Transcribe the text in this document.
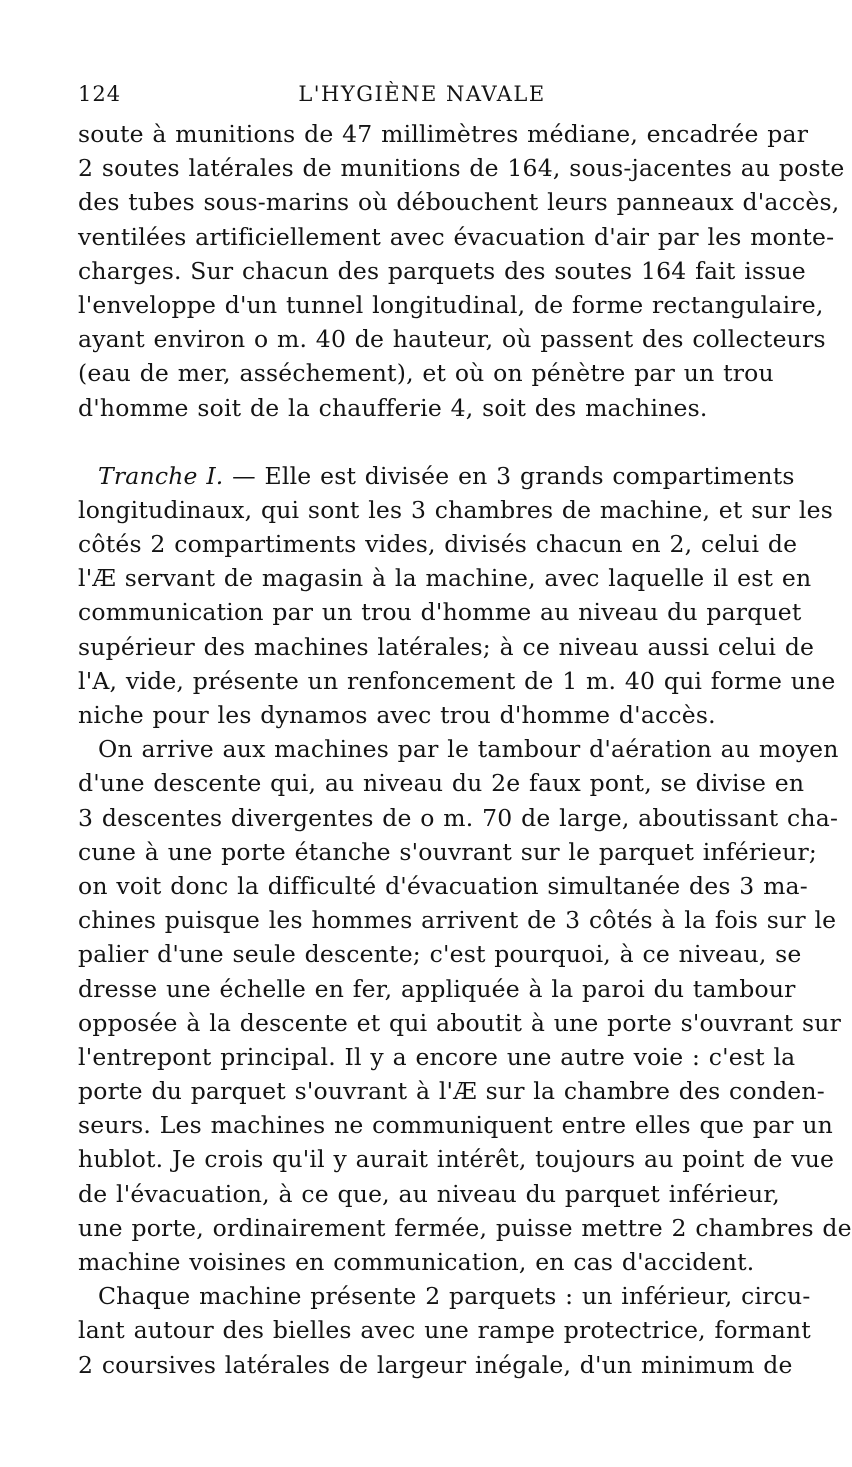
124	L'HYGIÈNE NAVALE
soute à munitions de 47 millimètres médiane, encadrée par
2 soutes latérales de munitions de 164, sous-jacentes au poste
des tubes sous-marins où débouchent leurs panneaux d'accès,
ventilées artificiellement avec évacuation d'air par les monte-
charges. Sur chacun des parquets des soutes 164 fait issue
l'enveloppe d'un tunnel longitudinal, de forme rectangulaire,
ayant environ o m. 40 de hauteur, où passent des collecteurs
(eau de mer, asséchement), et où on pénètre par un trou
d'homme soit de la chaufferie 4, soit des machines.
Tranche I. — Elle est divisée en 3 grands compartiments
longitudinaux, qui sont les 3 chambres de machine, et sur les
côtés 2 compartiments vides, divisés chacun en 2, celui de
l'Æ servant de magasin à la machine, avec laquelle il est en
communication par un trou d'homme au niveau du parquet
supérieur des machines latérales; à ce niveau aussi celui de
l'A, vide, présente un renfoncement de 1 m. 40 qui forme une
niche pour les dynamos avec trou d'homme d'accès.
On arrive aux machines par le tambour d'aération au moyen
d'une descente qui, au niveau du 2e faux pont, se divise en
3 descentes divergentes de o m. 70 de large, aboutissant cha-
cune à une porte étanche s'ouvrant sur le parquet inférieur;
on voit donc la difficulté d'évacuation simultanée des 3 ma-
chines puisque les hommes arrivent de 3 côtés à la fois sur le
palier d'une seule descente; c'est pourquoi, à ce niveau, se
dresse une échelle en fer, appliquée à la paroi du tambour
opposée à la descente et qui aboutit à une porte s'ouvrant sur
l'entrepont principal. Il y a encore une autre voie : c'est la
porte du parquet s'ouvrant à l'Æ sur la chambre des conden-
seurs. Les machines ne communiquent entre elles que par un
hublot. Je crois qu'il y aurait intérêt, toujours au point de vue
de l'évacuation, à ce que, au niveau du parquet inférieur,
une porte, ordinairement fermée, puisse mettre 2 chambres de
machine voisines en communication, en cas d'accident.
Chaque machine présente 2 parquets : un inférieur, circu-
lant autour des bielles avec une rampe protectrice, formant
2 coursives latérales de largeur inégale, d'un minimum de
